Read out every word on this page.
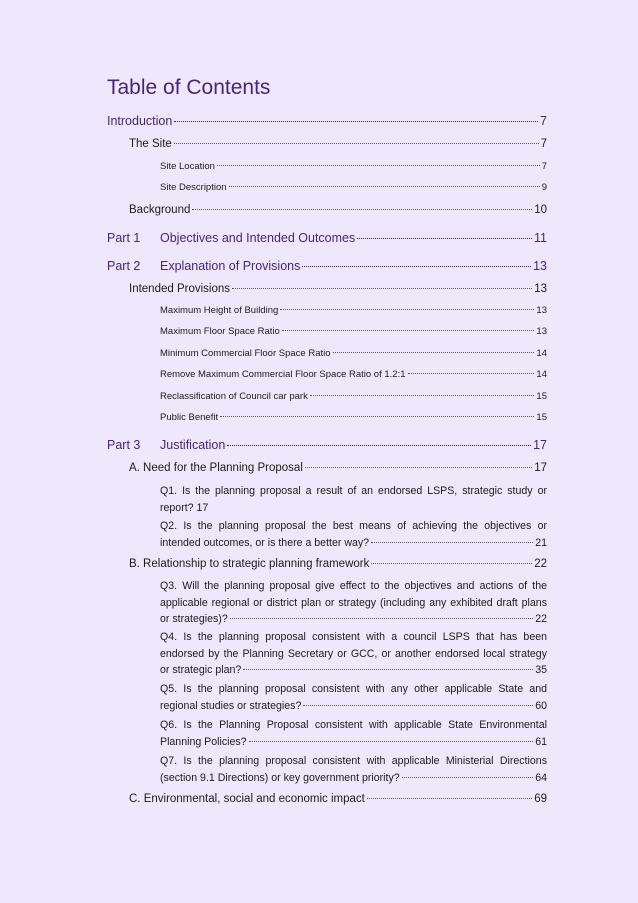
Table of Contents
Introduction	7
The Site	7
Site Location	7
Site Description	9
Background	10
Part 1 Objectives and Intended Outcomes	11
Part 2 Explanation of Provisions	13
Intended Provisions	13
Maximum Height of Building	13
Maximum Floor Space Ratio	13
Minimum Commercial Floor Space Ratio	14
Remove Maximum Commercial Floor Space Ratio of 1.2:1	14
Reclassification of Council car park	15
Public Benefit	15
Part 3 Justification	17
A. Need for the Planning Proposal	17
Q1. Is the planning proposal a result of an endorsed LSPS, strategic study or
report? 17
Q2. Is the planning proposal the best means of achieving the objectives or
intended outcomes, or is there a better way?	21
B. Relationship to strategic planning framework	22
Q3. Will the planning proposal give effect to the objectives and actions of the
applicable regional or district plan or strategy (including any exhibited draft plans
or strategies)?	22
Q4. Is the planning proposal consistent with a council LSPS that has been
endorsed by the Planning Secretary or GCC, or another endorsed local strategy
or strategic plan?	35
Q5. Is the planning proposal consistent with any other applicable State and
regional studies or strategies?	60
Q6. Is the Planning Proposal consistent with applicable State Environmental
Planning Policies?	61
Q7. Is the planning proposal consistent with applicable Ministerial Directions
(section 9.1 Directions) or key government priority?	64
C. Environmental, social and economic impact	69
